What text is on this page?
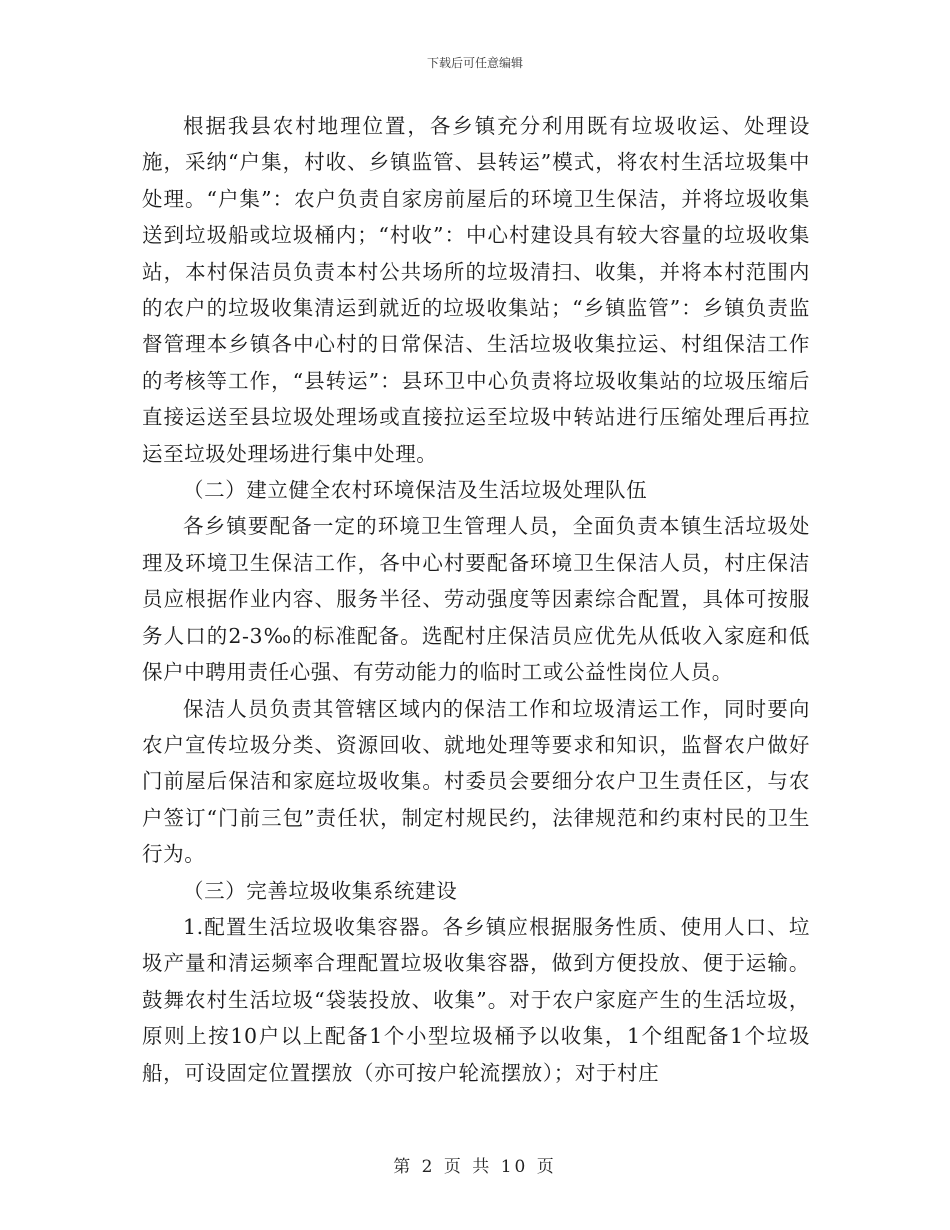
下载后可任意编辑

根据我县农村地理位置，各乡镇充分利用既有垃圾收运、处理设施，采纳“户集，村收、乡镇监管、县转运”模式，将农村生活垃圾集中处理。“户集”：农户负责自家房前屋后的环境卫生保洁，并将垃圾收集送到垃圾船或垃圾桶内；“村收”：中心村建设具有较大容量的垃圾收集站，本村保洁员负责本村公共场所的垃圾清扫、收集，并将本村范围内的农户的垃圾收集清运到就近的垃圾收集站；“乡镇监管”：乡镇负责监督管理本乡镇各中心村的日常保洁、生活垃圾收集拉运、村组保洁工作的考核等工作，“县转运”：县环卫中心负责将垃圾收集站的垃圾压缩后直接运送至县垃圾处理场或直接拉运至垃圾中转站进行压缩处理后再拉运至垃圾处理场进行集中处理。

（二）建立健全农村环境保洁及生活垃圾处理队伍

各乡镇要配备一定的环境卫生管理人员，全面负责本镇生活垃圾处理及环境卫生保洁工作，各中心村要配备环境卫生保洁人员，村庄保洁员应根据作业内容、服务半径、劳动强度等因素综合配置，具体可按服务人口的2-3‰的标准配备。选配村庄保洁员应优先从低收入家庭和低保户中聘用责任心强、有劳动能力的临时工或公益性岗位人员。

保洁人员负责其管辖区域内的保洁工作和垃圾清运工作，同时要向农户宣传垃圾分类、资源回收、就地处理等要求和知识，监督农户做好门前屋后保洁和家庭垃圾收集。村委员会要细分农户卫生责任区，与农户签订“门前三包”责任状，制定村规民约，法律规范和约束村民的卫生行为。

（三）完善垃圾收集系统建设

1.配置生活垃圾收集容器。各乡镇应根据服务性质、使用人口、垃圾产量和清运频率合理配置垃圾收集容器，做到方便投放、便于运输。鼓舞农村生活垃圾“袋装投放、收集”。对于农户家庭产生的生活垃圾，原则上按10户以上配备1个小型垃圾桶予以收集，1个组配备1个垃圾船，可设固定位置摆放（亦可按户轮流摆放）；对于村庄

第 2 页 共 10 页
